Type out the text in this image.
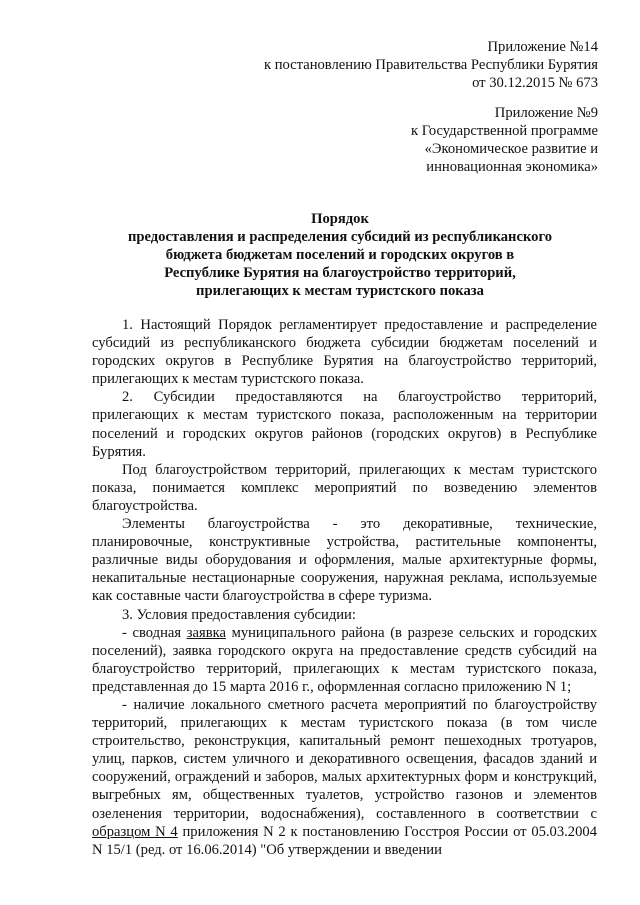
Приложение №14
к постановлению Правительства Республики Бурятия
от 30.12.2015 № 673
Приложение №9
к Государственной программе
«Экономическое развитие и
инновационная экономика»
Порядок
предоставления и распределения субсидий из республиканского
бюджета бюджетам поселений и городских округов в
Республике Бурятия на благоустройство территорий,
прилегающих к местам туристского показа

1. Настоящий Порядок регламентирует предоставление и распределение субсидий из республиканского бюджета субсидии бюджетам поселений и городских округов в Республике Бурятия на благоустройство территорий, прилегающих к местам туристского показа.

2. Субсидии предоставляются на благоустройство территорий, прилегающих к местам туристского показа, расположенным на территории поселений и городских округов районов (городских округов) в Республике Бурятия.

Под благоустройством территорий, прилегающих к местам туристского показа, понимается комплекс мероприятий по возведению элементов благоустройства.

Элементы благоустройства - это декоративные, технические, планировочные, конструктивные устройства, растительные компоненты, различные виды оборудования и оформления, малые архитектурные формы, некапитальные нестационарные сооружения, наружная реклама, используемые как составные части благоустройства в сфере туризма.

3. Условия предоставления субсидии:

- сводная заявка муниципального района (в разрезе сельских и городских поселений), заявка городского округа на предоставление средств субсидий на благоустройство территорий, прилегающих к местам туристского показа, представленная до 15 марта 2016 г., оформленная согласно приложению N 1;

- наличие локального сметного расчета мероприятий по благоустройству территорий, прилегающих к местам туристского показа (в том числе строительство, реконструкция, капитальный ремонт пешеходных тротуаров, улиц, парков, систем уличного и декоративного освещения, фасадов зданий и сооружений, ограждений и заборов, малых архитектурных форм и конструкций, выгребных ям, общественных туалетов, устройство газонов и элементов озеленения территории, водоснабжения), составленного в соответствии с образцом N 4 приложения N 2 к постановлению Госстроя России от 05.03.2004 N 15/1 (ред. от 16.06.2014) "Об утверждении и введении
